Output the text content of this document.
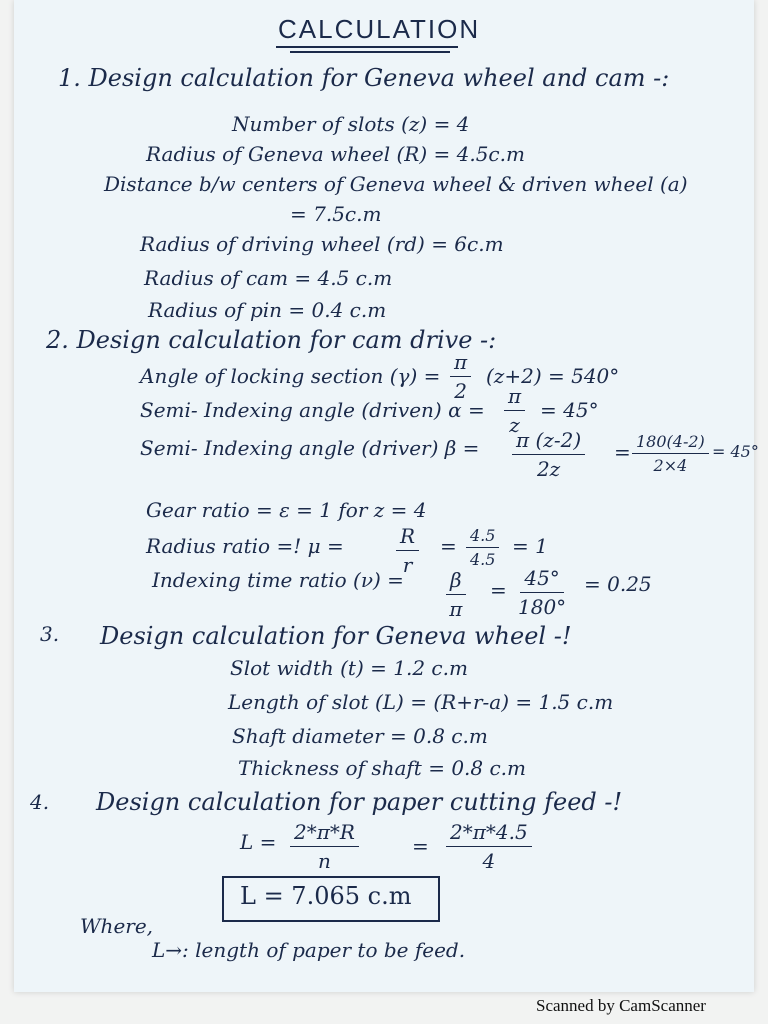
CALCULATION
1. Design calculation for Geneva wheel and cam -:
Number of slots (z) = 4
Radius of Geneva wheel (R) = 4.5c.m
Distance b/w centers of Geneva wheel & driven wheel (a)
= 7.5c.m
Radius of driving wheel (rd) = 6c.m
Radius of cam = 4.5 c.m
Radius of pin = 0.4 c.m
2. Design calculation for cam drive -:
Angle of locking section $(\gamma) = \frac{\pi}{2} (z+2) = 540^\circ$
Semi- Indexing angle (driven) $\alpha = \frac{\pi}{z} = 45^\circ$
Semi- Indexing angle (driver) $\beta = \frac{\pi (z-2)}{2z} = \frac{180(4-2)}{2\times 4} = 45^\circ$
Gear ratio = ε = 1 for z = 4
Radius ratio =! μ =	$\frac{R}{r} = \frac{4.5}{4.5} = 1$
Indexing time ratio $(\nu) = \frac{\beta}{\pi} = \frac{45^\circ}{180^\circ} = 0.25$
3. Design calculation for Geneva wheel -!
Slot width (t) = 1.2 c.m
Length of slot (L) = (R+r-a) = 1.5 c.m
Shaft diameter = 0.8 c.m
Thickness of shaft = 0.8 c.m
4. Design calculation for paper cutting feed -!
$L = \frac{2*\pi*R}{n}$	= $\frac{2*\pi*4.5}{4}$
L = 7.065 c.m
Where,
L→: length of paper to be feed.
Scanned by CamScanner
